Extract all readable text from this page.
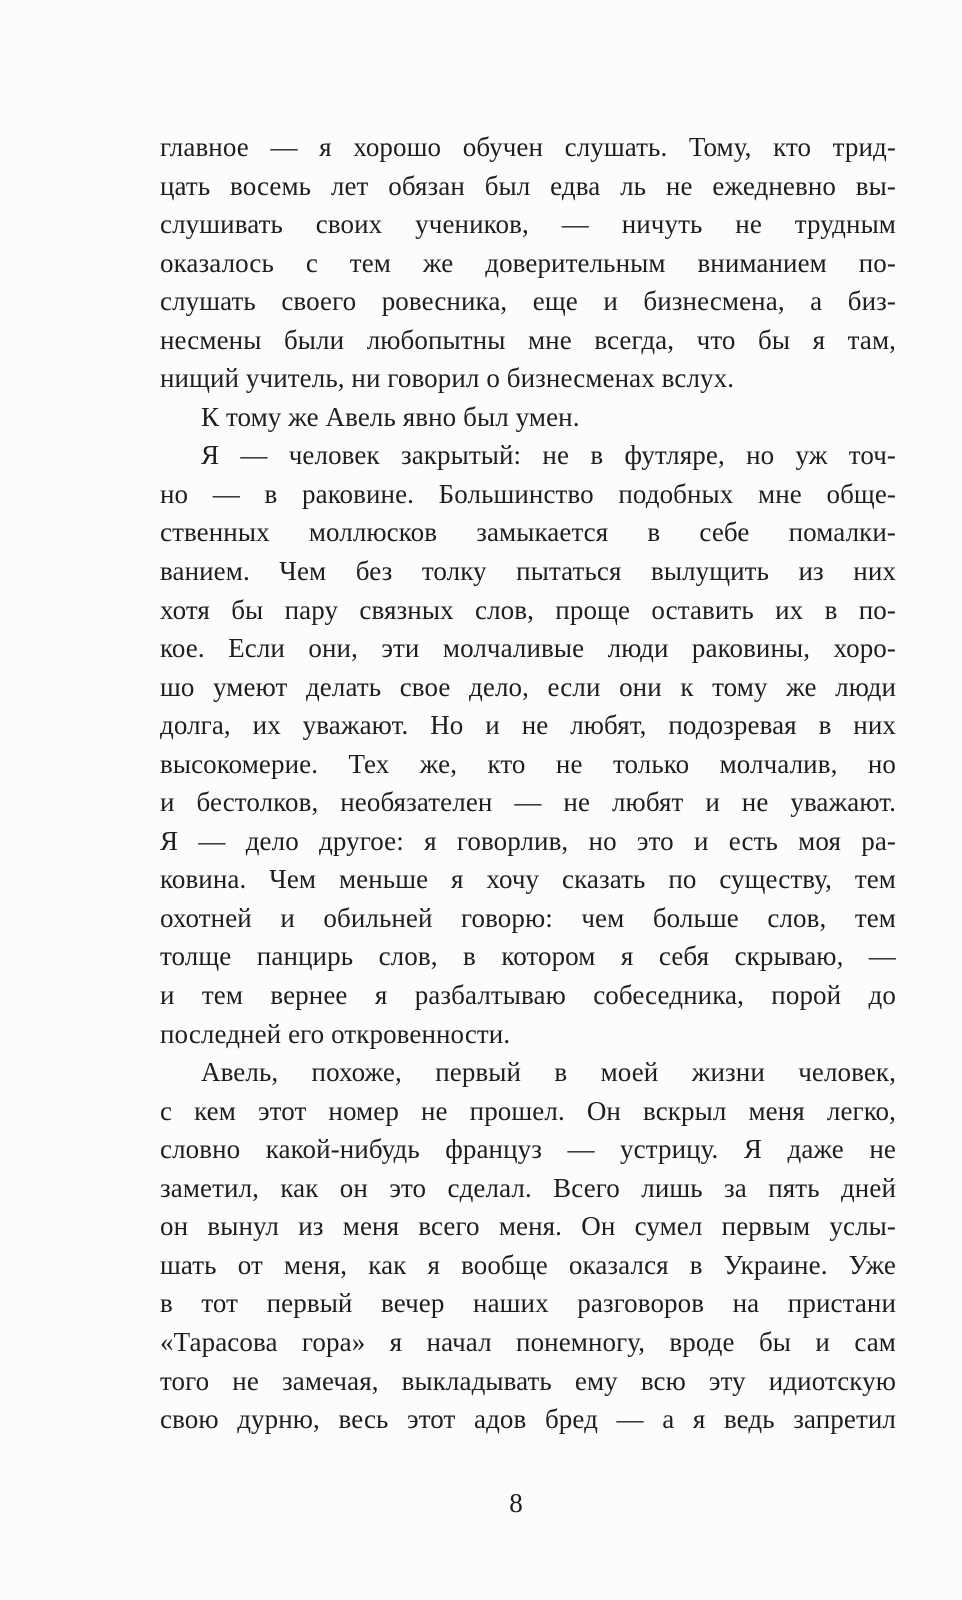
главное — я хорошо обучен слушать. Тому, кто трид-
цать восемь лет обязан был едва ль не ежедневно вы-
слушивать своих учеников, — ничуть не трудным
оказалось с тем же доверительным вниманием по-
слушать своего ровесника, еще и бизнесмена, а биз-
несмены были любопытны мне всегда, что бы я там,
нищий учитель, ни говорил о бизнесменах вслух.
К тому же Авель явно был умен.
Я — человек закрытый: не в футляре, но уж точ-
но — в раковине. Большинство подобных мне обще-
ственных моллюсков замыкается в себе помалки-
ванием. Чем без толку пытаться вылущить из них
хотя бы пару связных слов, проще оставить их в по-
кое. Если они, эти молчаливые люди раковины, хоро-
шо умеют делать свое дело, если они к тому же люди
долга, их уважают. Но и не любят, подозревая в них
высокомерие. Тех же, кто не только молчалив, но
и бестолков, необязателен — не любят и не уважают.
Я — дело другое: я говорлив, но это и есть моя ра-
ковина. Чем меньше я хочу сказать по существу, тем
охотней и обильней говорю: чем больше слов, тем
толще панцирь слов, в котором я себя скрываю, —
и тем вернее я разбалтываю собеседника, порой до
последней его откровенности.
Авель, похоже, первый в моей жизни человек,
с кем этот номер не прошел. Он вскрыл меня легко,
словно какой-нибудь француз — устрицу. Я даже не
заметил, как он это сделал. Всего лишь за пять дней
он вынул из меня всего меня. Он сумел первым услы-
шать от меня, как я вообще оказался в Украине. Уже
в тот первый вечер наших разговоров на пристани
«Тарасова гора» я начал понемногу, вроде бы и сам
того не замечая, выкладывать ему всю эту идиотскую
свою дурню, весь этот адов бред — а я ведь запретил
8
